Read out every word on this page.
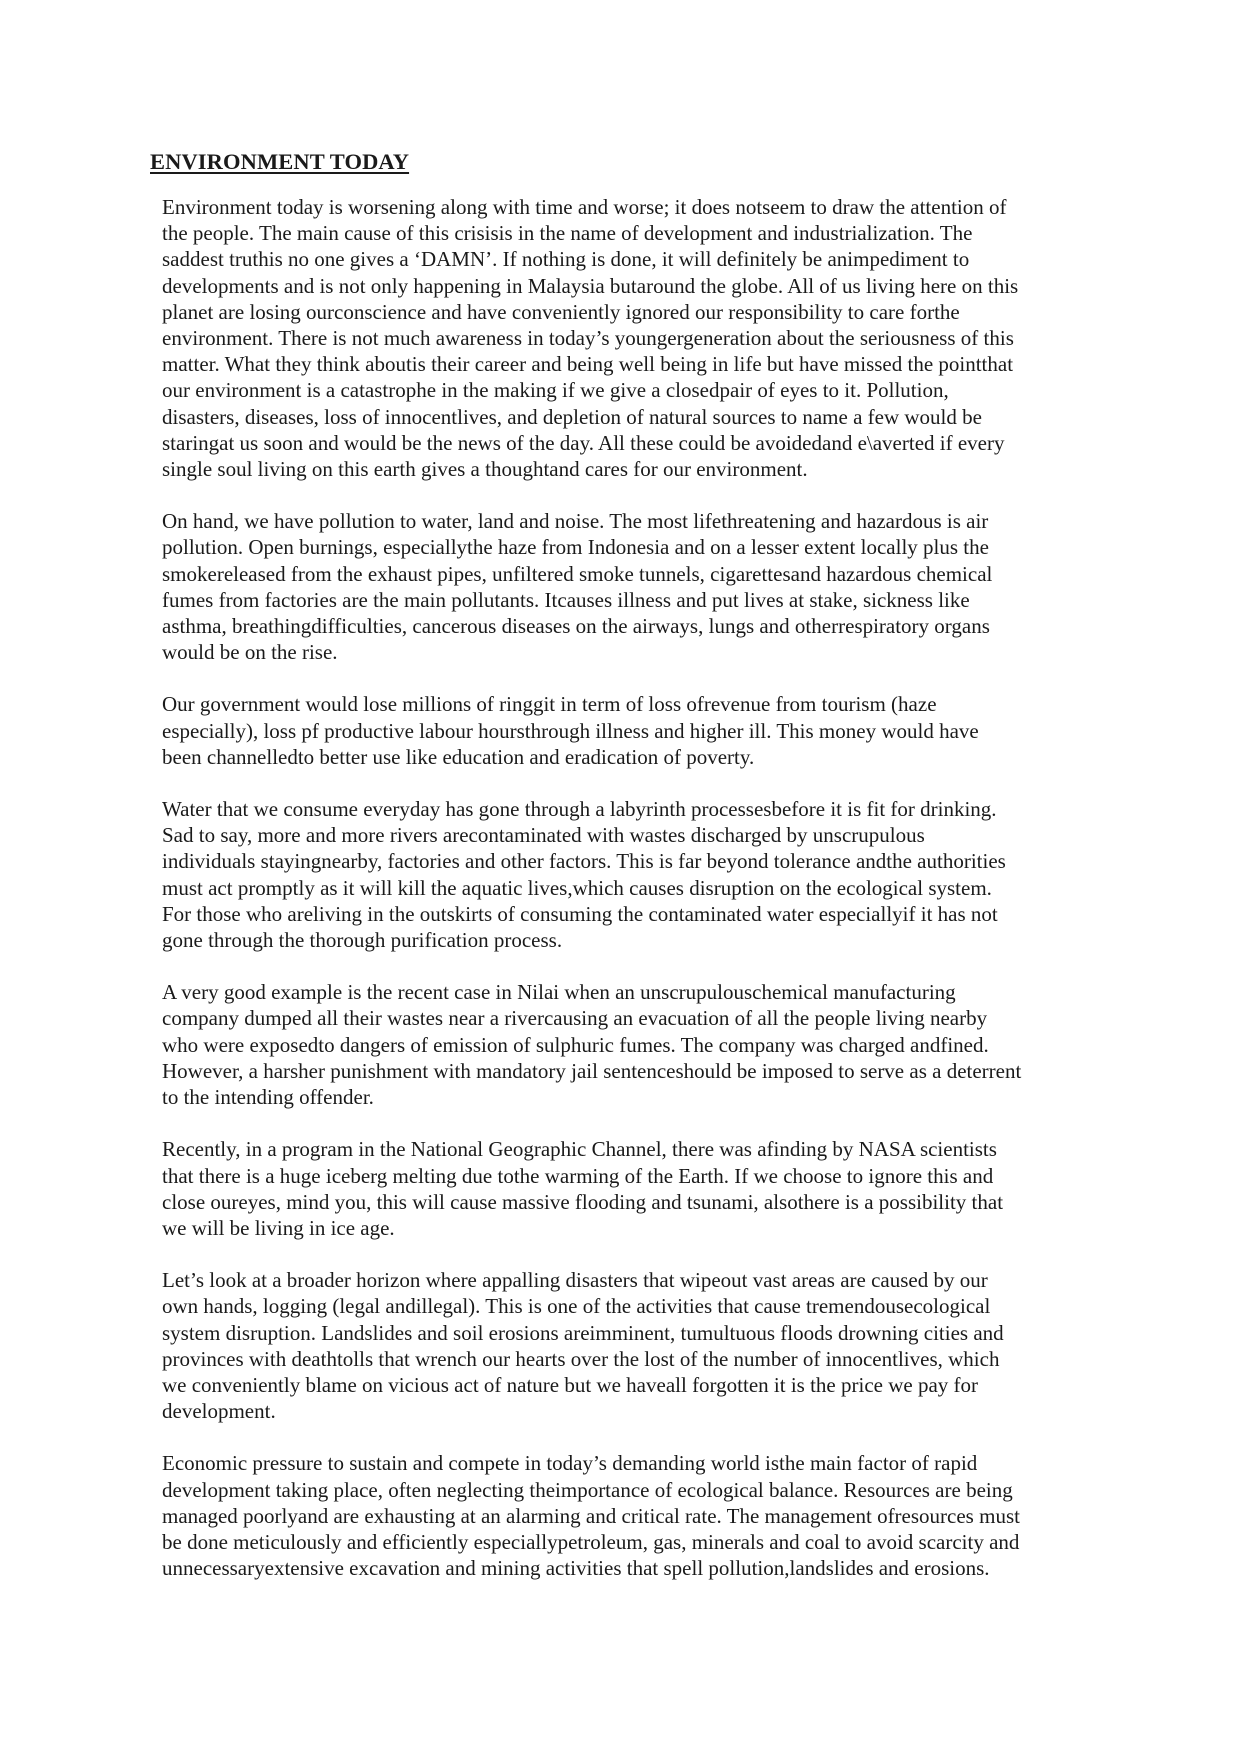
ENVIRONMENT TODAY
Environment today is worsening along with time and worse; it does notseem to draw the attention of
the people. The main cause of this crisisis in the name of development and industrialization. The
saddest truthis no one gives a ‘DAMN’. If nothing is done, it will definitely be animpediment to
developments and is not only happening in Malaysia butaround the globe. All of us living here on this
planet are losing ourconscience and have conveniently ignored our responsibility to care forthe
environment. There is not much awareness in today’s youngergeneration about the seriousness of this
matter. What they think aboutis their career and being well being in life but have missed the pointthat
our environment is a catastrophe in the making if we give a closedpair of eyes to it. Pollution,
disasters, diseases, loss of innocentlives, and depletion of natural sources to name a few would be
staringat us soon and would be the news of the day. All these could be avoidedand e\averted if every
single soul living on this earth gives a thoughtand cares for our environment.
On hand, we have pollution to water, land and noise. The most lifethreatening and hazardous is air
pollution. Open burnings, especiallythe haze from Indonesia and on a lesser extent locally plus the
smokereleased from the exhaust pipes, unfiltered smoke tunnels, cigarettesand hazardous chemical
fumes from factories are the main pollutants. Itcauses illness and put lives at stake, sickness like
asthma, breathingdifficulties, cancerous diseases on the airways, lungs and otherrespiratory organs
would be on the rise.
Our government would lose millions of ringgit in term of loss ofrevenue from tourism (haze
especially), loss pf productive labour hoursthrough illness and higher ill. This money would have
been channelledto better use like education and eradication of poverty.
Water that we consume everyday has gone through a labyrinth processesbefore it is fit for drinking.
Sad to say, more and more rivers arecontaminated with wastes discharged by unscrupulous
individuals stayingnearby, factories and other factors. This is far beyond tolerance andthe authorities
must act promptly as it will kill the aquatic lives,which causes disruption on the ecological system.
For those who areliving in the outskirts of consuming the contaminated water especiallyif it has not
gone through the thorough purification process.
A very good example is the recent case in Nilai when an unscrupulouschemical manufacturing
company dumped all their wastes near a rivercausing an evacuation of all the people living nearby
who were exposedto dangers of emission of sulphuric fumes. The company was charged andfined.
However, a harsher punishment with mandatory jail sentenceshould be imposed to serve as a deterrent
to the intending offender.
Recently, in a program in the National Geographic Channel, there was afinding by NASA scientists
that there is a huge iceberg melting due tothe warming of the Earth. If we choose to ignore this and
close oureyes, mind you, this will cause massive flooding and tsunami, alsothere is a possibility that
we will be living in ice age.
Let’s look at a broader horizon where appalling disasters that wipeout vast areas are caused by our
own hands, logging (legal andillegal). This is one of the activities that cause tremendousecological
system disruption. Landslides and soil erosions areimminent, tumultuous floods drowning cities and
provinces with deathtolls that wrench our hearts over the lost of the number of innocentlives, which
we conveniently blame on vicious act of nature but we haveall forgotten it is the price we pay for
development.
Economic pressure to sustain and compete in today’s demanding world isthe main factor of rapid
development taking place, often neglecting theimportance of ecological balance. Resources are being
managed poorlyand are exhausting at an alarming and critical rate. The management ofresources must
be done meticulously and efficiently especiallypetroleum, gas, minerals and coal to avoid scarcity and
unnecessaryextensive excavation and mining activities that spell pollution,landslides and erosions.
